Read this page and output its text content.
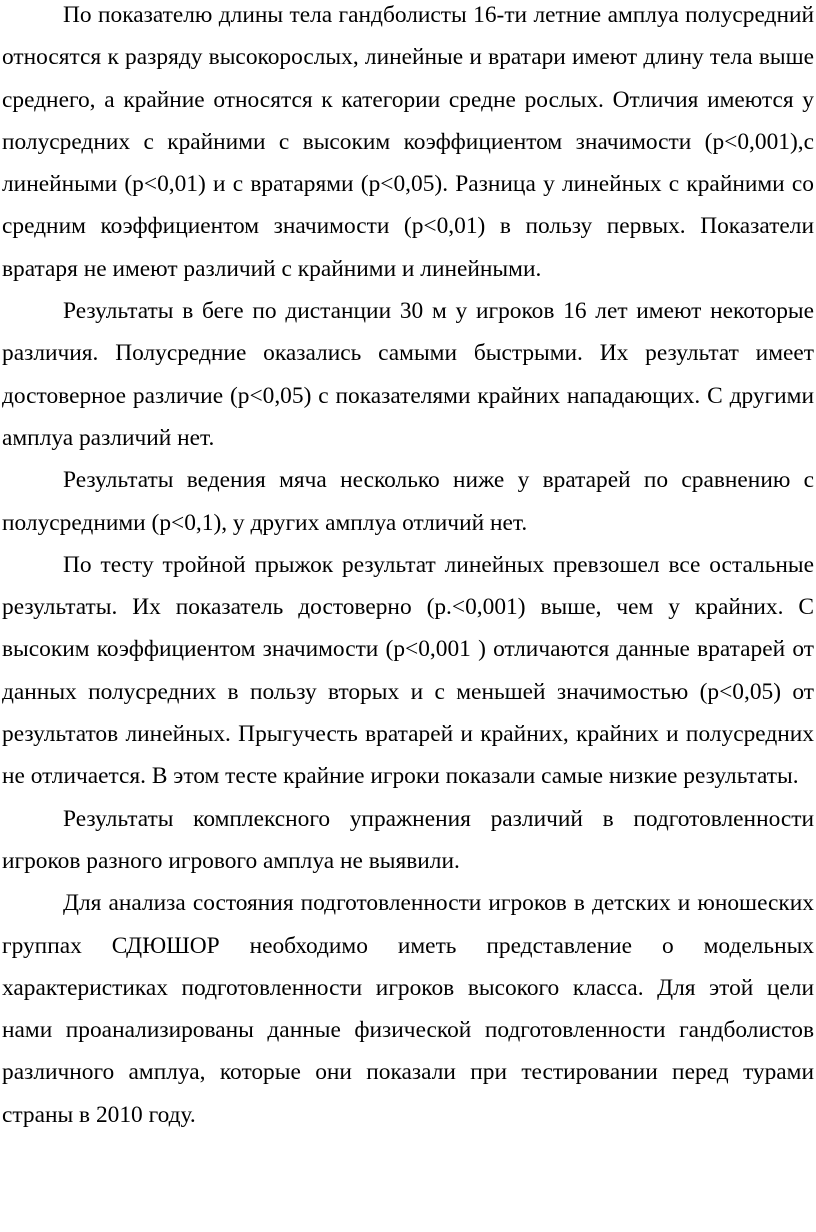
По показателю длины тела гандболисты 16-ти летние амплуа полусредний относятся к разряду высокорослых, линейные и вратари имеют длину тела выше среднего, а крайние относятся к категории средне рослых. Отличия имеются у полусредних с крайними с высоким коэффициентом значимости (p<0,001),с линейными (p<0,01) и с вратарями (p<0,05). Разница у линейных с крайними со средним коэффициентом значимости (p<0,01) в пользу первых. Показатели вратаря не имеют различий с крайними и линейными.

Результаты в беге по дистанции 30 м у игроков 16 лет имеют некоторые различия. Полусредние оказались самыми быстрыми. Их результат имеет достоверное различие (p<0,05) с показателями крайних нападающих. С другими амплуа различий нет.

Результаты ведения мяча несколько ниже у вратарей по сравнению с полусредними (p<0,1), у других амплуа отличий нет.

По тесту тройной прыжок результат линейных превзошел все остальные результаты. Их показатель достоверно (р.<0,001) выше, чем у крайних. С высоким коэффициентом значимости (p<0,001 ) отличаются данные вратарей от данных полусредних в пользу вторых и с меньшей значимостью (p<0,05) от результатов линейных. Прыгучесть вратарей и крайних, крайних и полусредних не отличается. В этом тесте крайние игроки показали самые низкие результаты.

Результаты комплексного упражнения различий в подготовленности игроков разного игрового амплуа не выявили.

Для анализа состояния подготовленности игроков в детских и юношеских группах СДЮШОР необходимо иметь представление о модельных характеристиках подготовленности игроков высокого класса. Для этой цели нами проанализированы данные физической подготовленности гандболистов различного амплуа, которые они показали при тестировании перед турами страны в 2010 году.
